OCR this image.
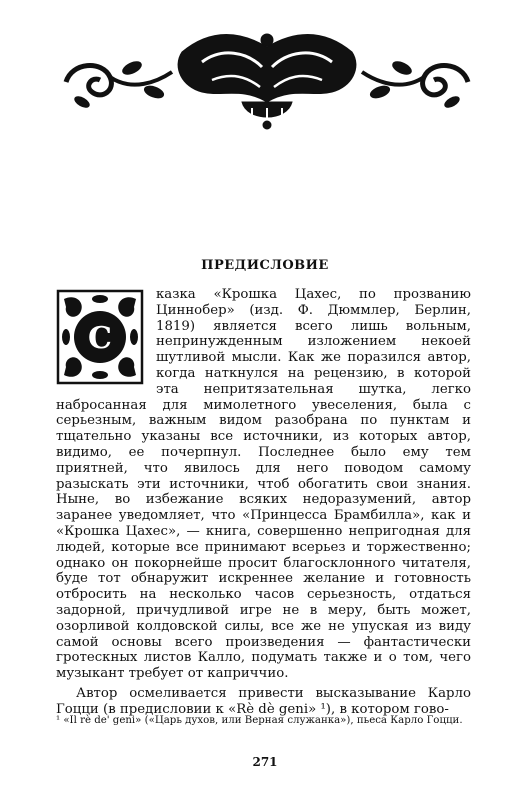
ПРЕДИСЛОВИЕ
С

казка «Крошка Цахес, по прозванию Циннобер» (изд. Ф. Дюммлер, Берлин, 1819) является всего лишь вольным, непринужденным изложением некоей шутливой мысли. Как же поразился автор, когда наткнулся на рецензию, в которой эта непритязательная шутка, легко набросанная для мимолетного увеселения, была с серьезным, важным видом разобрана по пунктам и тщательно указаны все источники, из которых автор, видимо, ее почерпнул. Последнее было ему тем приятней, что явилось для него поводом самому разыскать эти источники, чтоб обогатить свои знания. Ныне, во избежание всяких недоразумений, автор заранее уведомляет, что «Принцесса Брамбилла», как и «Крошка Цахес», — книга, совершенно непригодная для людей, которые все принимают всерьез и торжественно; однако он покорнейше просит благосклонного читателя, буде тот обнаружит искреннее желание и готовность отбросить на несколько часов серьезность, отдаться задорной, причудливой игре не в меру, быть может, озорливой колдовской силы, все же не упуская из виду самой основы всего произведения — фантастически гротескных листов Калло, подумать также и о том, чего музыкант требует от каприччио.

Автор осмеливается привести высказывание Карло Гоцци (в предисловии к «Rè dè geni» ¹), в котором гово-

¹ «Il rè de' geni» («Царь духов, или Верная служанка»), пьеса Карло Гоцци.
271
